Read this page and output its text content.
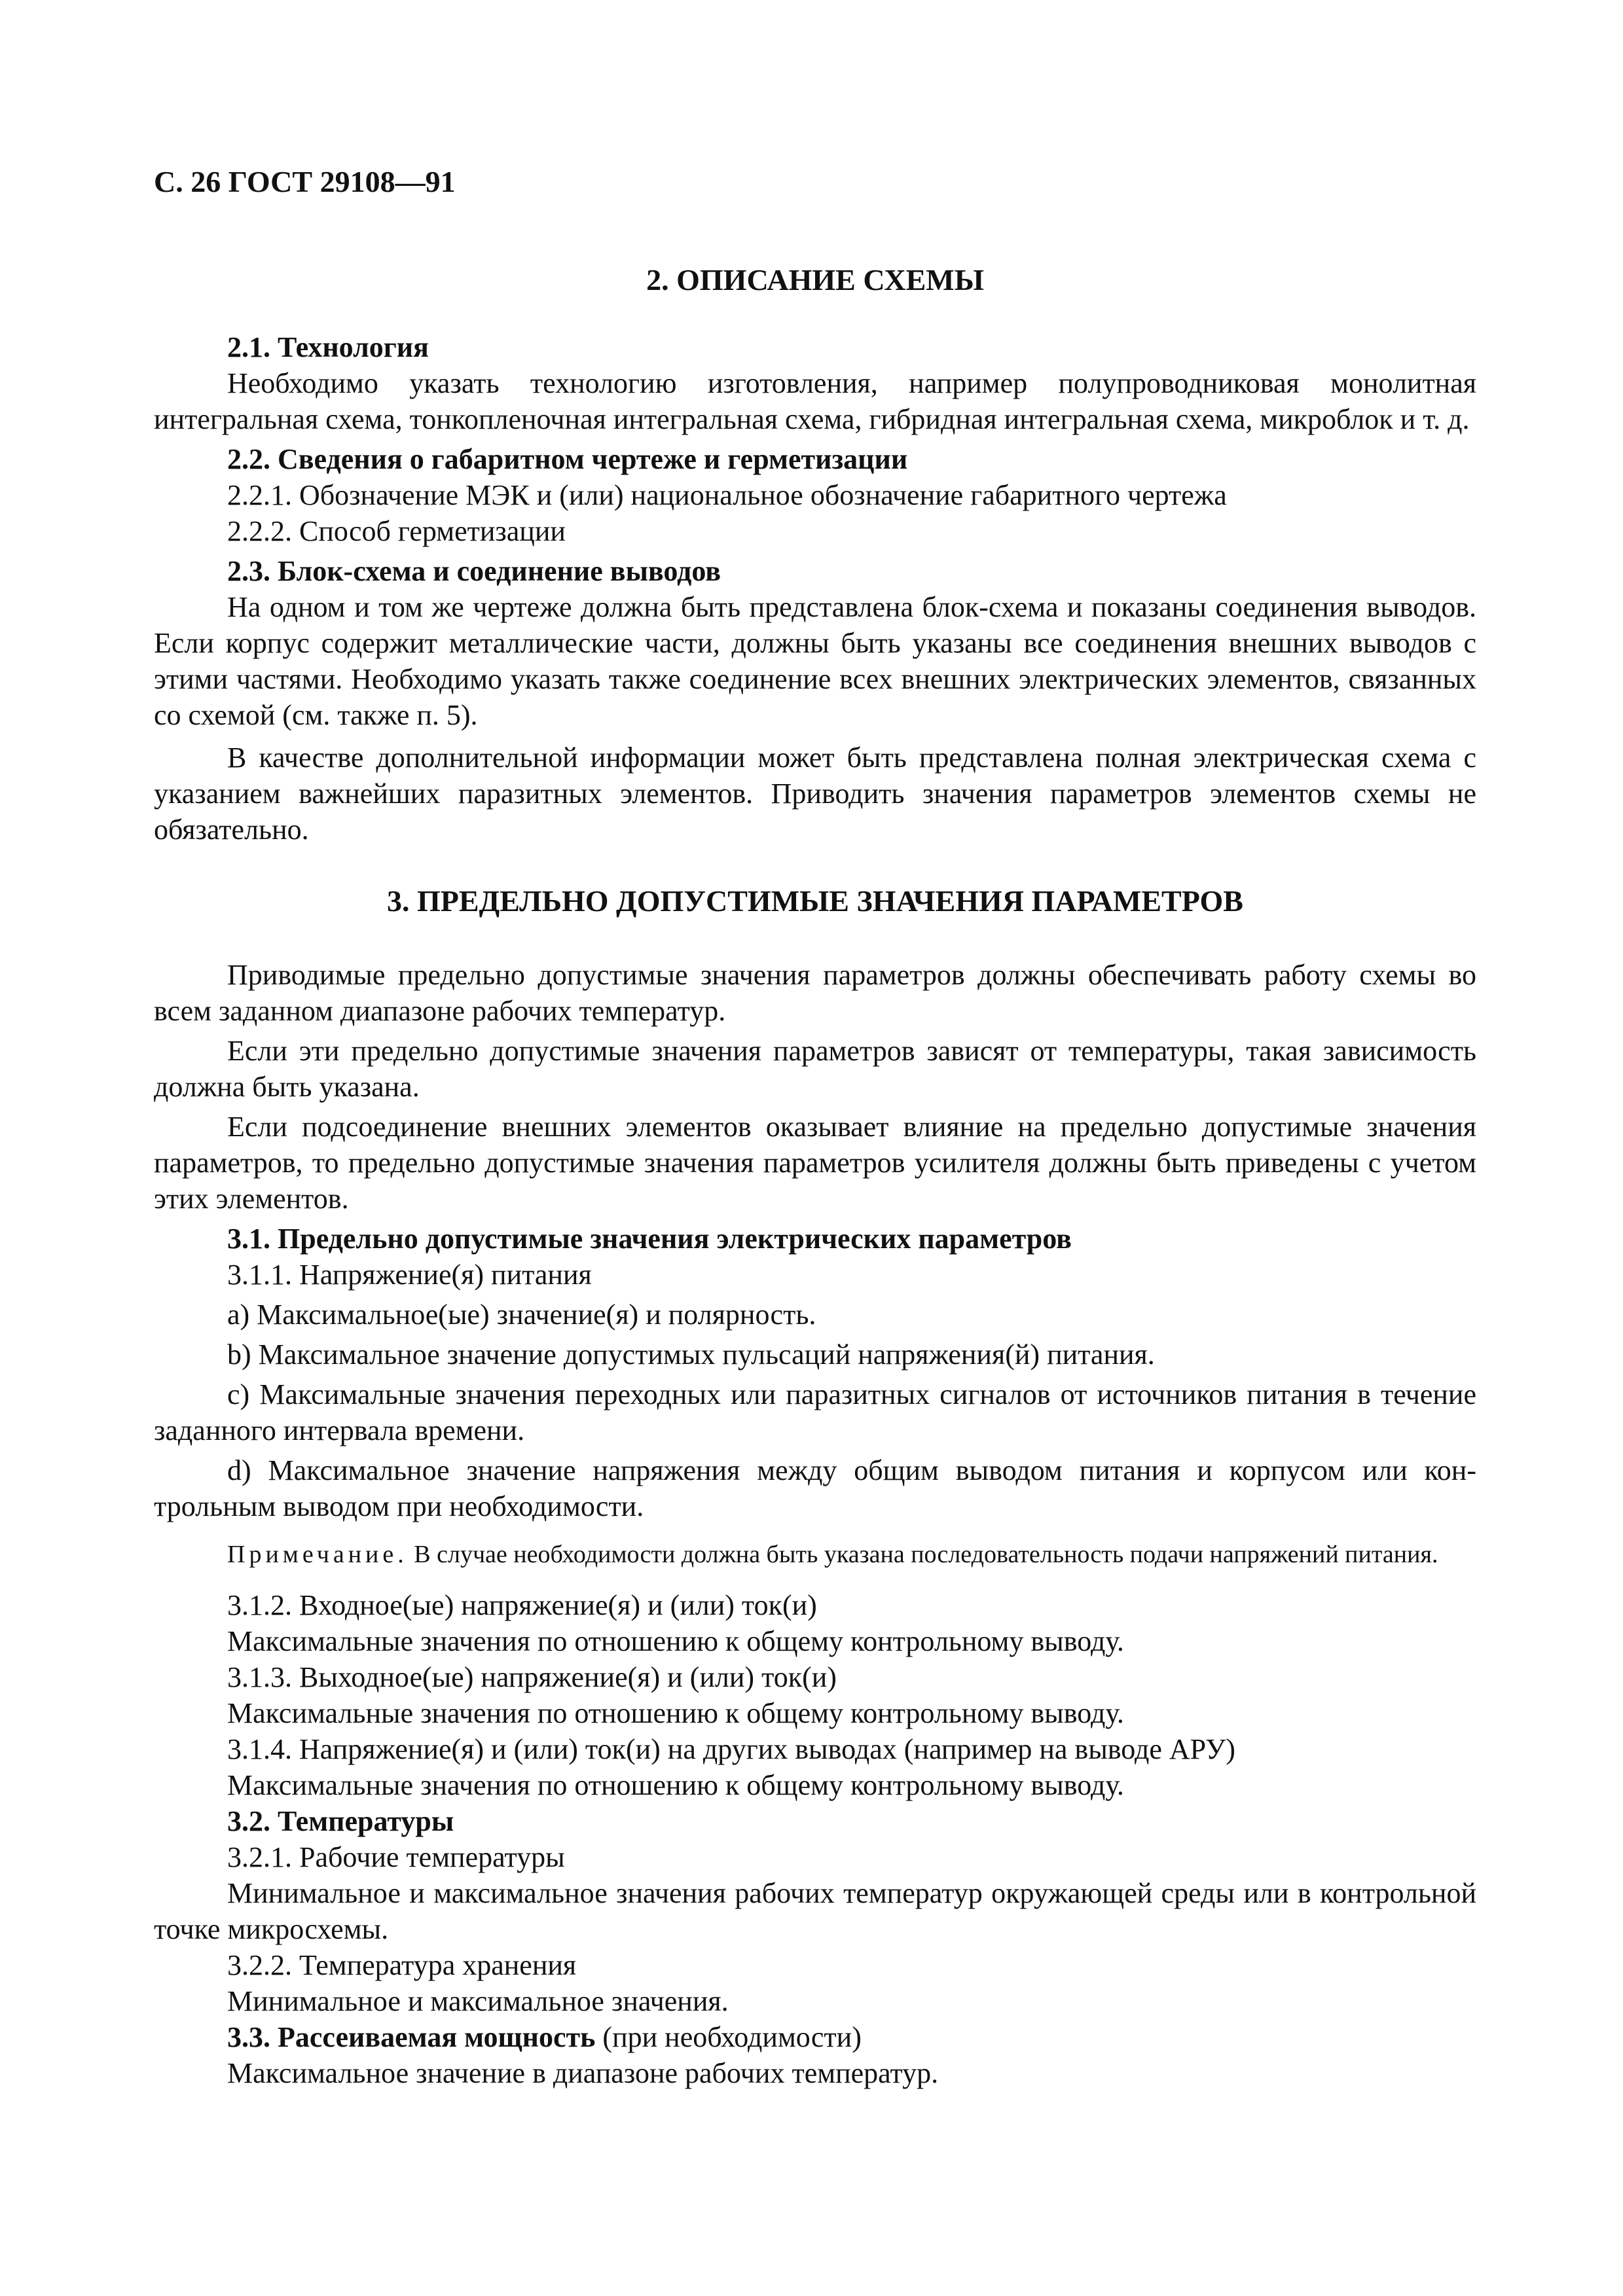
С. 26 ГОСТ 29108—91
2. ОПИСАНИЕ СХЕМЫ

2.1. Технология

Необходимо указать технологию изготовления, например полупроводниковая монолитная интегральная схема, тонкопленочная интегральная схема, гибридная интегральная схема, микроблок и т. д.

2.2. Сведения о габаритном чертеже и герметизации

2.2.1. Обозначение МЭК и (или) национальное обозначение габаритного чертежа

2.2.2. Способ герметизации

2.3. Блок-схема и соединение выводов

На одном и том же чертеже должна быть представлена блок-схема и показаны соединения выводов. Если корпус содержит металлические части, должны быть указаны все соединения внешних выводов с этими частями. Необходимо указать также соединение всех внешних электрических элементов, связанных со схемой (см. также п. 5).

В качестве дополнительной информации может быть представлена полная электрическая схема с указанием важнейших паразитных элементов. Приводить значения параметров элементов схемы не обязательно.

3. ПРЕДЕЛЬНО ДОПУСТИМЫЕ ЗНАЧЕНИЯ ПАРАМЕТРОВ

Приводимые предельно допустимые значения параметров должны обеспечивать работу схемы во всем заданном диапазоне рабочих температур.

Если эти предельно допустимые значения параметров зависят от температуры, такая зависимость должна быть указана.

Если подсоединение внешних элементов оказывает влияние на предельно допустимые значения параметров, то предельно допустимые значения параметров усилителя должны быть приведены с учетом этих элементов.

3.1. Предельно допустимые значения электрических параметров

3.1.1. Напряжение(я) питания

a) Максимальное(ые) значение(я) и полярность.

b) Максимальное значение допустимых пульсаций напряжения(й) питания.

c) Максимальные значения переходных или паразитных сигналов от источников питания в течение заданного интервала времени.

d) Максимальное значение напряжения между общим выводом питания и корпусом или контрольным выводом при необходимости.

Примечание. В случае необходимости должна быть указана последовательность подачи напряжений питания.

3.1.2. Входное(ые) напряжение(я) и (или) ток(и)

Максимальные значения по отношению к общему контрольному выводу.

3.1.3. Выходное(ые) напряжение(я) и (или) ток(и)

Максимальные значения по отношению к общему контрольному выводу.

3.1.4. Напряжение(я) и (или) ток(и) на других выводах (например на выводе АРУ)

Максимальные значения по отношению к общему контрольному выводу.

3.2. Температуры

3.2.1. Рабочие температуры

Минимальное и максимальное значения рабочих температур окружающей среды или в контрольной точке микросхемы.

3.2.2. Температура хранения

Минимальное и максимальное значения.

3.3. Рассеиваемая мощность (при необходимости)

Максимальное значение в диапазоне рабочих температур.
